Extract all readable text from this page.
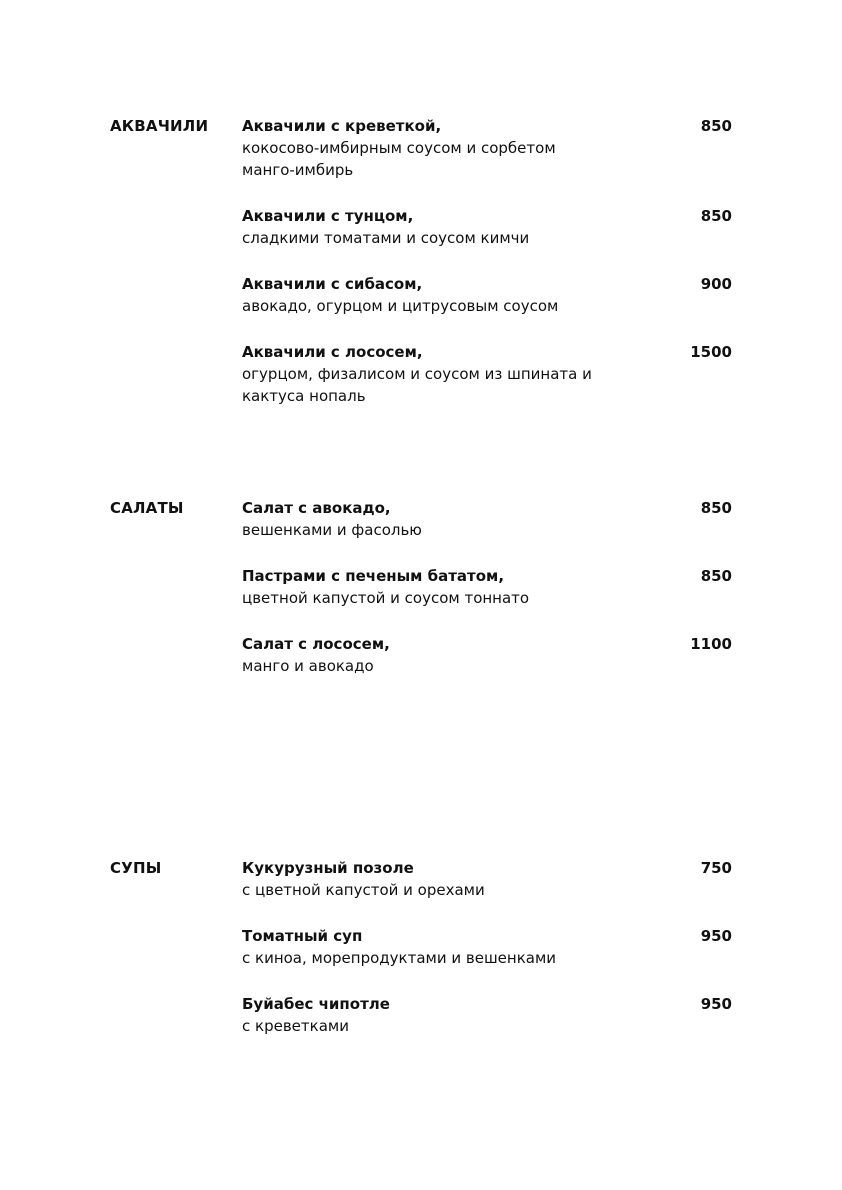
АКВАЧИЛИ Аквачили с креветкой,
кокосово-имбирным соусом и сорбетом манго-имбирь
850
Аквачили с тунцом,
сладкими томатами и соусом кимчи
850
Аквачили с сибасом,
авокадо, огурцом и цитрусовым соусом
900
Аквачили с лососем,
огурцом, физалисом и соусом из шпината и кактуса нопаль
1500
САЛАТЫ	Салат с авокадо,
вешенками и фасолью
850
Пастрами с печеным бататом,
цветной капустой и соусом тоннато
850
Салат с лососем,
манго и авокадо
1100
СУПЫ	Кукурузный позоле
с цветной капустой и орехами
750
Томатный суп
с киноа, морепродуктами и вешенками
950
Буйабес чипотле
с креветками
950
